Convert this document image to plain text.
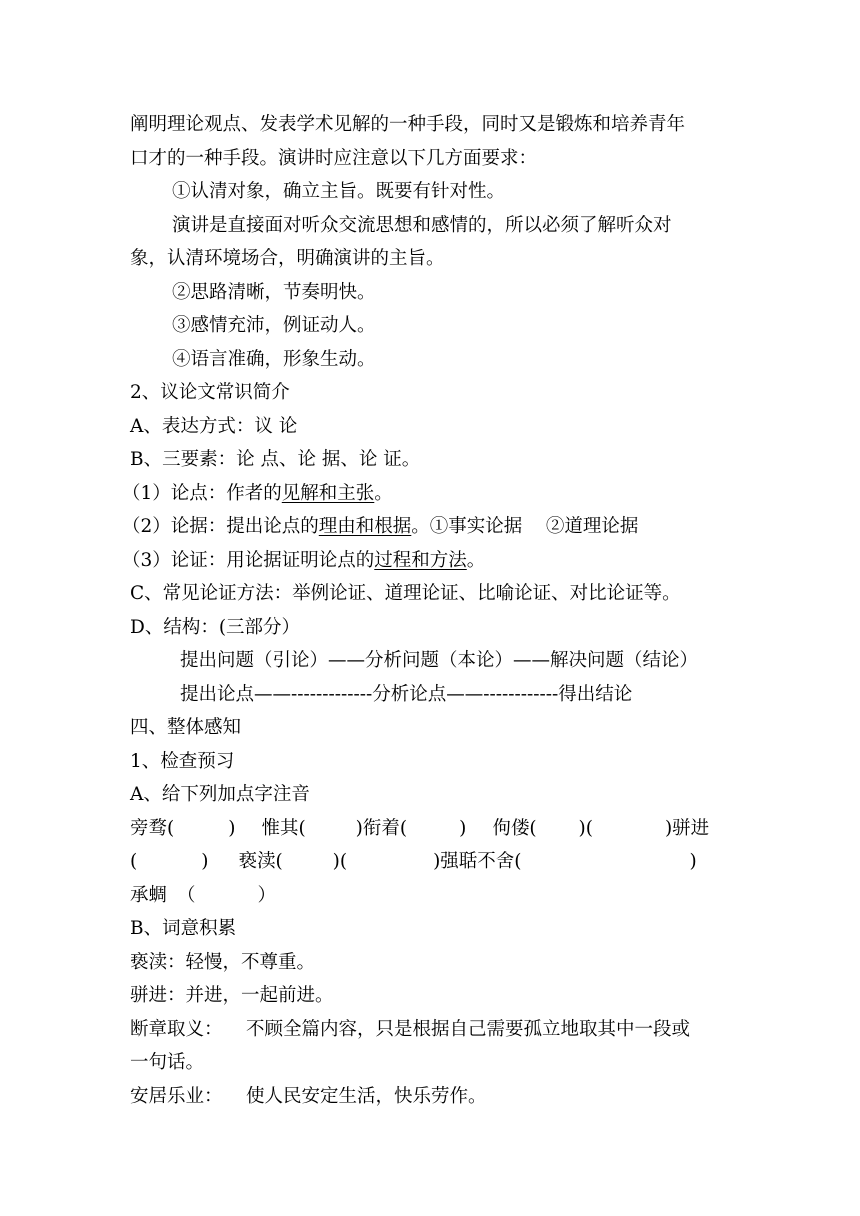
阐明理论观点、发表学术见解的一种手段，同时又是锻炼和培养青年
口才的一种手段。演讲时应注意以下几方面要求：
①认清对象，确立主旨。既要有针对性。
演讲是直接面对听众交流思想和感情的，所以必须了解听众对
象，认清环境场合，明确演讲的主旨。
②思路清晰，节奏明快。
③感情充沛，例证动人。
④语言准确，形象生动。
2、议论文常识简介
A、表达方式：议 论
B、三要素：论 点、论 据、论 证。
（1）论点：作者的见解和主张。
（2）论据：提出论点的理由和根据。①事实论据    ②道理论据
（3）论证：用论据证明论点的过程和方法。
C、常见论证方法：举例论证、道理论证、比喻论证、对比论证等。
D、结构：(三部分）
提出问题（引论）——分析问题（本论）——解决问题（结论）
提出论点——-------------分析论点——------------得出结论
四、整体感知
1、检查预习
A、给下列加点字注音
旁骛(	) 惟其(	)衔着(	) 佝偻( )(	)骈进
(	) 亵渎(	)(	)强聒不舍(	)
承蜩 （	）
B、词意积累
亵渎：轻慢，不尊重。
骈进：并进，一起前进。
断章取义：    不顾全篇内容，只是根据自己需要孤立地取其中一段或
一句话。
安居乐业：    使人民安定生活，快乐劳作。
